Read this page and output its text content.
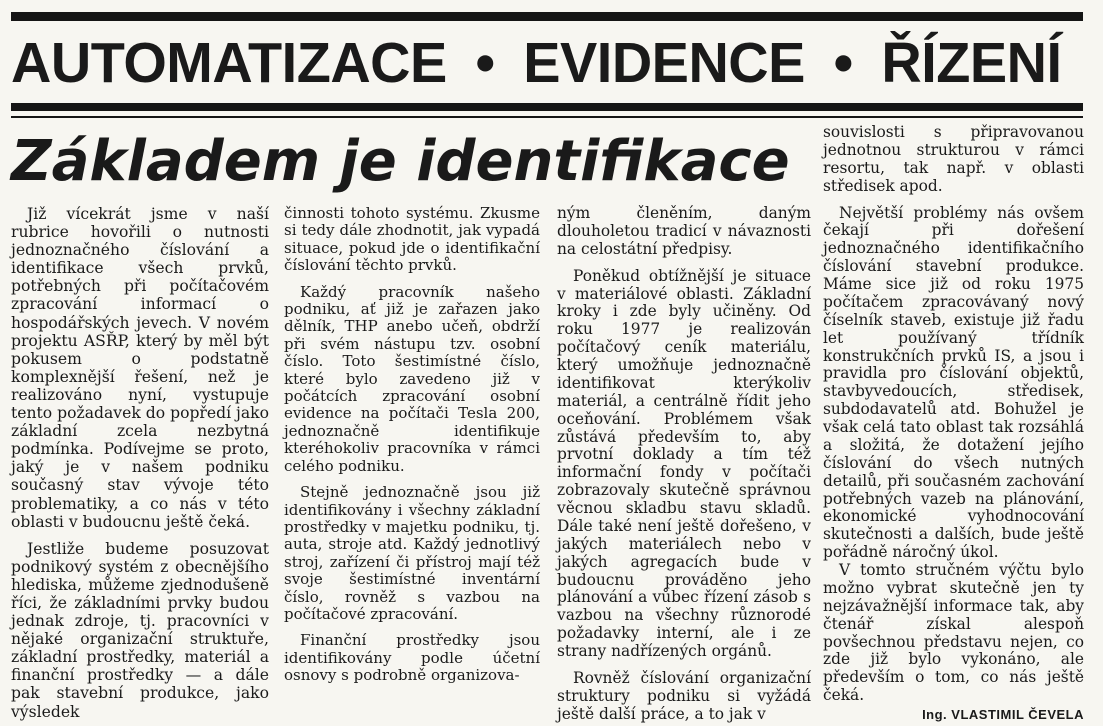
AUTOMATIZACE • EVIDENCE • ŘÍZENÍ
Základem je identifikace

Již vícekrát jsme v naší rubrice hovořili o nutnosti jednoznačného číslování a identifikace všech prvků, potřebných při počítačovém zpracování informací o hospodářských jevech. V novém projektu ASŘP, který by měl být pokusem o podstatně komplexnější řešení, než je realizováno nyní, vystupuje tento požadavek do popředí jako základní zcela nezbytná podmínka. Podívejme se proto, jaký je v našem podniku současný stav vývoje této problematiky, a co nás v této oblasti v budoucnu ještě čeká.

Jestliže budeme posuzovat podnikový systém z obecnějšího hlediska, můžeme zjednodušeně říci, že základními prvky budou jednak zdroje, tj. pracovníci v nějaké organizační struktuře, základní prostředky, materiál a finanční prostředky — a dále pak stavební produkce, jako výsledek

činnosti tohoto systému. Zkusme si tedy dále zhodnotit, jak vypadá situace, pokud jde o identifikační číslování těchto prvků.

Každý pracovník našeho podniku, ať již je zařazen jako dělník, THP anebo učeň, obdrží při svém nástupu tzv. osobní číslo. Toto šestimístné číslo, které bylo zavedeno již v počátcích zpracování osobní evidence na počítači Tesla 200, jednoznačně identifikuje kteréhokoliv pracovníka v rámci celého podniku.

Stejně jednoznačně jsou již identifikovány i všechny základní prostředky v majetku podniku, tj. auta, stroje atd. Každý jednotlivý stroj, zařízení či přístroj mají též svoje šestimístné inventární číslo, rovněž s vazbou na počítačové zpracování.

Finanční prostředky jsou identifikovány podle účetní osnovy s podrobně organizova-

ným členěním, daným dlouholetou tradicí v návaznosti na celostátní předpisy.

Poněkud obtížnější je situace v materiálové oblasti. Základní kroky i zde byly učiněny. Od roku 1977 je realizován počítačový ceník materiálu, který umožňuje jednoznačně identifikovat kterýkoliv materiál, a centrálně řídit jeho oceňování. Problémem však zůstává především to, aby prvotní doklady a tím též informační fondy v počítači zobrazovaly skutečně správnou věcnou skladbu stavu skladů. Dále také není ještě dořešeno, v jakých materiálech nebo v jakých agregacích bude v budoucnu prováděno jeho plánování a vůbec řízení zásob s vazbou na všechny různorodé požadavky interní, ale i ze strany nadřízených orgánů.

Rovněž číslování organizační struktury podniku si vyžádá ještě další práce, a to jak v

souvislosti s připravovanou jednotnou strukturou v rámci resortu, tak např. v oblasti středisek apod.

Největší problémy nás ovšem čekají při dořešení jednoznačného identifikačního číslování stavební produkce. Máme sice již od roku 1975 počítačem zpracovávaný nový číselník staveb, existuje již řadu let používaný třídník konstrukčních prvků IS, a jsou i pravidla pro číslování objektů, stavbyvedoucích, středisek, subdodavatelů atd. Bohužel je však celá tato oblast tak rozsáhlá a složitá, že dotažení jejího číslování do všech nutných detailů, při současném zachování potřebných vazeb na plánování, ekonomické vyhodnocování skutečnosti a dalších, bude ještě pořádně náročný úkol.

V tomto stručném výčtu bylo možno vybrat skutečně jen ty nejzávažnější informace tak, aby čtenář získal alespoň povšechnou představu nejen, co zde již bylo vykonáno, ale především o tom, co nás ještě čeká.

Ing. VLASTIMIL ČEVELA
